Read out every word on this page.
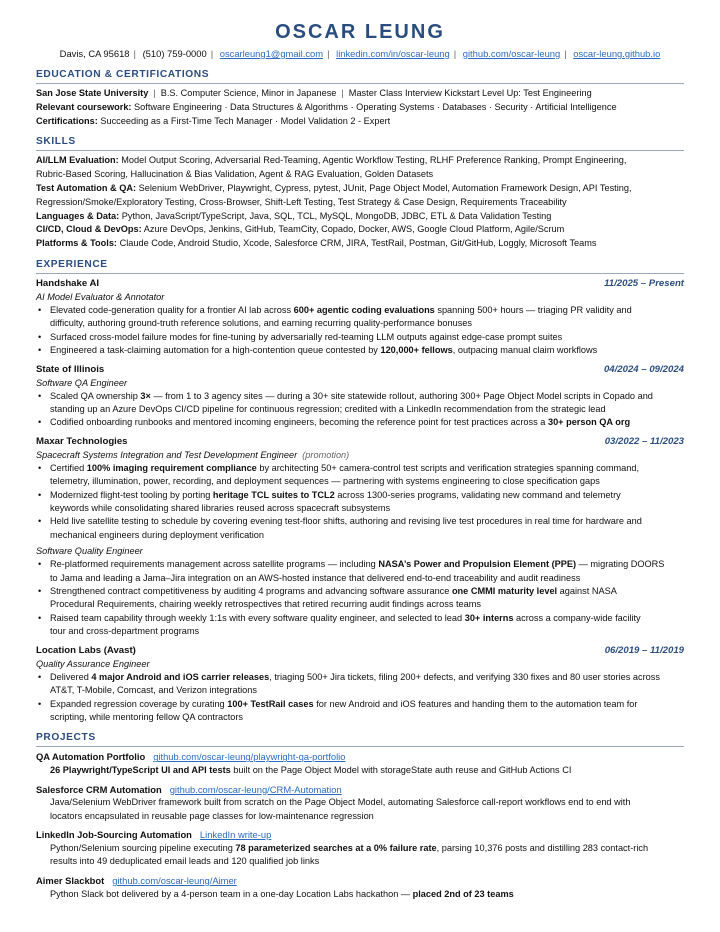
OSCAR LEUNG
Davis, CA 95618 | (510) 759-0000 | oscarleung1@gmail.com | linkedin.com/in/oscar-leung | github.com/oscar-leung | oscar-leung.github.io
EDUCATION & CERTIFICATIONS
San Jose State University | B.S. Computer Science, Minor in Japanese | Master Class Interview Kickstart Level Up: Test Engineering
Relevant coursework: Software Engineering · Data Structures & Algorithms · Operating Systems · Databases · Security · Artificial Intelligence
Certifications: Succeeding as a First-Time Tech Manager · Model Validation 2 - Expert
SKILLS
AI/LLM Evaluation: Model Output Scoring, Adversarial Red-Teaming, Agentic Workflow Testing, RLHF Preference Ranking, Prompt Engineering,
Rubric-Based Scoring, Hallucination & Bias Validation, Agent & RAG Evaluation, Golden Datasets
Test Automation & QA: Selenium WebDriver, Playwright, Cypress, pytest, JUnit, Page Object Model, Automation Framework Design, API Testing,
Regression/Smoke/Exploratory Testing, Cross-Browser, Shift-Left Testing, Test Strategy & Case Design, Requirements Traceability
Languages & Data: Python, JavaScript/TypeScript, Java, SQL, TCL, MySQL, MongoDB, JDBC, ETL & Data Validation Testing
CI/CD, Cloud & DevOps: Azure DevOps, Jenkins, GitHub, TeamCity, Copado, Docker, AWS, Google Cloud Platform, Agile/Scrum
Platforms & Tools: Claude Code, Android Studio, Xcode, Salesforce CRM, JIRA, TestRail, Postman, Git/GitHub, Loggly, Microsoft Teams
EXPERIENCE
Handshake AI	11/2025 – Present
AI Model Evaluator & Annotator
• Elevated code-generation quality for a frontier AI lab across 600+ agentic coding evaluations spanning 500+ hours — triaging PR validity and
difficulty, authoring ground-truth reference solutions, and earning recurring quality-performance bonuses
• Surfaced cross-model failure modes for fine-tuning by adversarially red-teaming LLM outputs against edge-case prompt suites
• Engineered a task-claiming automation for a high-contention queue contested by 120,000+ fellows, outpacing manual claim workflows
State of Illinois	04/2024 – 09/2024
Software QA Engineer
• Scaled QA ownership 3× — from 1 to 3 agency sites — during a 30+ site statewide rollout, authoring 300+ Page Object Model scripts in Copado and
standing up an Azure DevOps CI/CD pipeline for continuous regression; credited with a LinkedIn recommendation from the strategic lead
• Codified onboarding runbooks and mentored incoming engineers, becoming the reference point for test practices across a 30+ person QA org
Maxar Technologies	03/2022 – 11/2023
Spacecraft Systems Integration and Test Development Engineer (promotion)
• Certified 100% imaging requirement compliance by architecting 50+ camera-control test scripts and verification strategies spanning command,
telemetry, illumination, power, recording, and deployment sequences — partnering with systems engineering to close specification gaps
• Modernized flight-test tooling by porting heritage TCL suites to TCL2 across 1300-series programs, validating new command and telemetry
keywords while consolidating shared libraries reused across spacecraft subsystems
• Held live satellite testing to schedule by covering evening test-floor shifts, authoring and revising live test procedures in real time for hardware and
mechanical engineers during deployment verification
Software Quality Engineer
• Re-platformed requirements management across satellite programs — including NASA’s Power and Propulsion Element (PPE) — migrating DOORS
to Jama and leading a Jama–Jira integration on an AWS-hosted instance that delivered end-to-end traceability and audit readiness
• Strengthened contract competitiveness by auditing 4 programs and advancing software assurance one CMMI maturity level against NASA
Procedural Requirements, chairing weekly retrospectives that retired recurring audit findings across teams
• Raised team capability through weekly 1:1s with every software quality engineer, and selected to lead 30+ interns across a company-wide facility
tour and cross-department programs
Location Labs (Avast)	06/2019 – 11/2019
Quality Assurance Engineer
• Delivered 4 major Android and iOS carrier releases, triaging 500+ Jira tickets, filing 200+ defects, and verifying 330 fixes and 80 user stories across
AT&T, T-Mobile, Comcast, and Verizon integrations
• Expanded regression coverage by curating 100+ TestRail cases for new Android and iOS features and handing them to the automation team for
scripting, while mentoring fellow QA contractors
PROJECTS
QA Automation Portfolio github.com/oscar-leung/playwright-qa-portfolio
26 Playwright/TypeScript UI and API tests built on the Page Object Model with storageState auth reuse and GitHub Actions CI
Salesforce CRM Automation github.com/oscar-leung/CRM-Automation
Java/Selenium WebDriver framework built from scratch on the Page Object Model, automating Salesforce call-report workflows end to end with
locators encapsulated in reusable page classes for low-maintenance regression
LinkedIn Job-Sourcing Automation LinkedIn write-up
Python/Selenium sourcing pipeline executing 78 parameterized searches at a 0% failure rate, parsing 10,376 posts and distilling 283 contact-rich
results into 49 deduplicated email leads and 120 qualified job links
Aimer Slackbot github.com/oscar-leung/Aimer
Python Slack bot delivered by a 4-person team in a one-day Location Labs hackathon — placed 2nd of 23 teams
